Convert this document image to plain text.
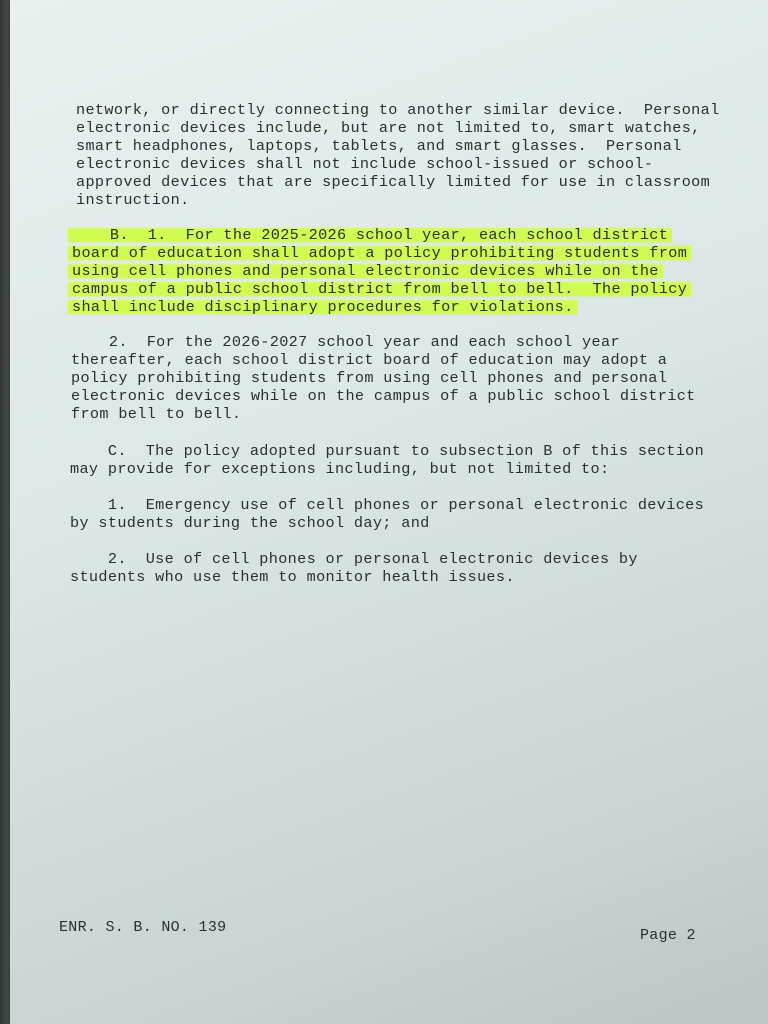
network, or directly connecting to another similar device.  Personal
electronic devices include, but are not limited to, smart watches,
smart headphones, laptops, tablets, and smart glasses.  Personal
electronic devices shall not include school-issued or school-
approved devices that are specifically limited for use in classroom
instruction.
B.  1.  For the 2025-2026 school year, each school district
board of education shall adopt a policy prohibiting students from
using cell phones and personal electronic devices while on the
campus of a public school district from bell to bell.  The policy
shall include disciplinary procedures for violations.
2.  For the 2026-2027 school year and each school year
thereafter, each school district board of education may adopt a
policy prohibiting students from using cell phones and personal
electronic devices while on the campus of a public school district
from bell to bell.
C.  The policy adopted pursuant to subsection B of this section
may provide for exceptions including, but not limited to:
1.  Emergency use of cell phones or personal electronic devices
by students during the school day; and
2.  Use of cell phones or personal electronic devices by
students who use them to monitor health issues.
ENR. S. B. NO. 139	Page 2
